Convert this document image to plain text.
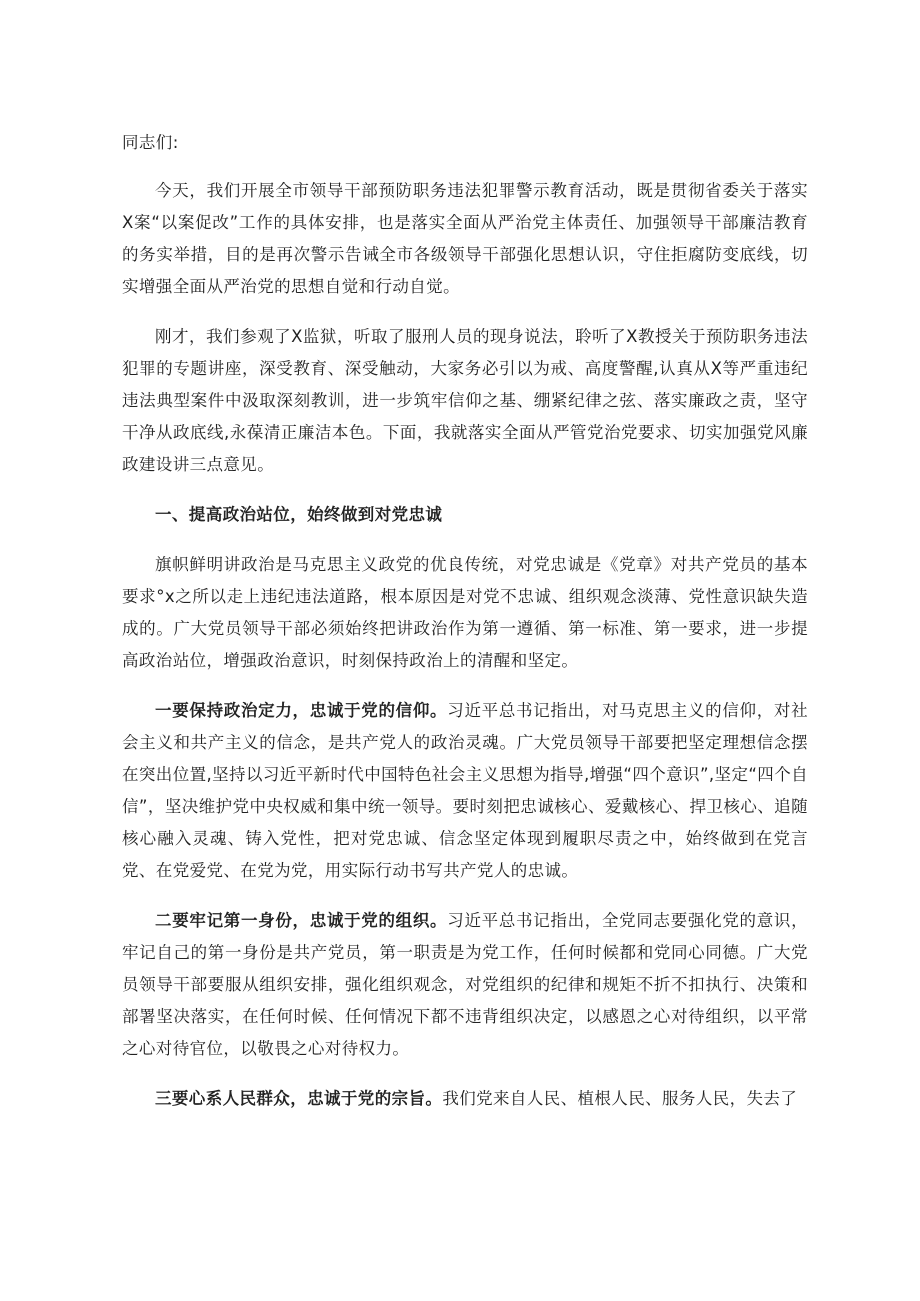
同志们:

今天，我们开展全市领导干部预防职务违法犯罪警示教育活动，既是贯彻省委关于落实X案“以案促改”工作的具体安排，也是落实全面从严治党主体责任、加强领导干部廉洁教育的务实举措，目的是再次警示告诫全市各级领导干部强化思想认识，守住拒腐防变底线，切实增强全面从严治党的思想自觉和行动自觉。

刚才，我们参观了X监狱，听取了服刑人员的现身说法，聆听了X教授关于预防职务违法犯罪的专题讲座，深受教育、深受触动，大家务必引以为戒、高度警醒,认真从X等严重违纪违法典型案件中汲取深刻教训，进一步筑牢信仰之基、绷紧纪律之弦、落实廉政之责，坚守干净从政底线,永葆清正廉洁本色。下面，我就落实全面从严管党治党要求、切实加强党风廉政建设讲三点意见。

一、提高政治站位，始终做到对党忠诚

旗帜鲜明讲政治是马克思主义政党的优良传统，对党忠诚是《党章》对共产党员的基本要求°x之所以走上违纪违法道路，根本原因是对党不忠诚、组织观念淡薄、党性意识缺失造成的。广大党员领导干部必须始终把讲政治作为第一遵循、第一标准、第一要求，进一步提高政治站位，增强政治意识，时刻保持政治上的清醒和坚定。

一要保持政治定力，忠诚于党的信仰。习近平总书记指出，对马克思主义的信仰，对社会主义和共产主义的信念，是共产党人的政治灵魂。广大党员领导干部要把坚定理想信念摆在突出位置,坚持以习近平新时代中国特色社会主义思想为指导,增强“四个意识”,坚定“四个自信”，坚决维护党中央权威和集中统一领导。要时刻把忠诚核心、爱戴核心、捍卫核心、追随核心融入灵魂、铸入党性，把对党忠诚、信念坚定体现到履职尽责之中，始终做到在党言党、在党爱党、在党为党，用实际行动书写共产党人的忠诚。

二要牢记第一身份，忠诚于党的组织。习近平总书记指出，全党同志要强化党的意识，牢记自己的第一身份是共产党员，第一职责是为党工作，任何时候都和党同心同德。广大党员领导干部要服从组织安排，强化组织观念，对党组织的纪律和规矩不折不扣执行、决策和部署坚决落实，在任何时候、任何情况下都不违背组织决定，以感恩之心对待组织，以平常之心对待官位，以敬畏之心对待权力。

三要心系人民群众，忠诚于党的宗旨。我们党来自人民、植根人民、服务人民，失去了
